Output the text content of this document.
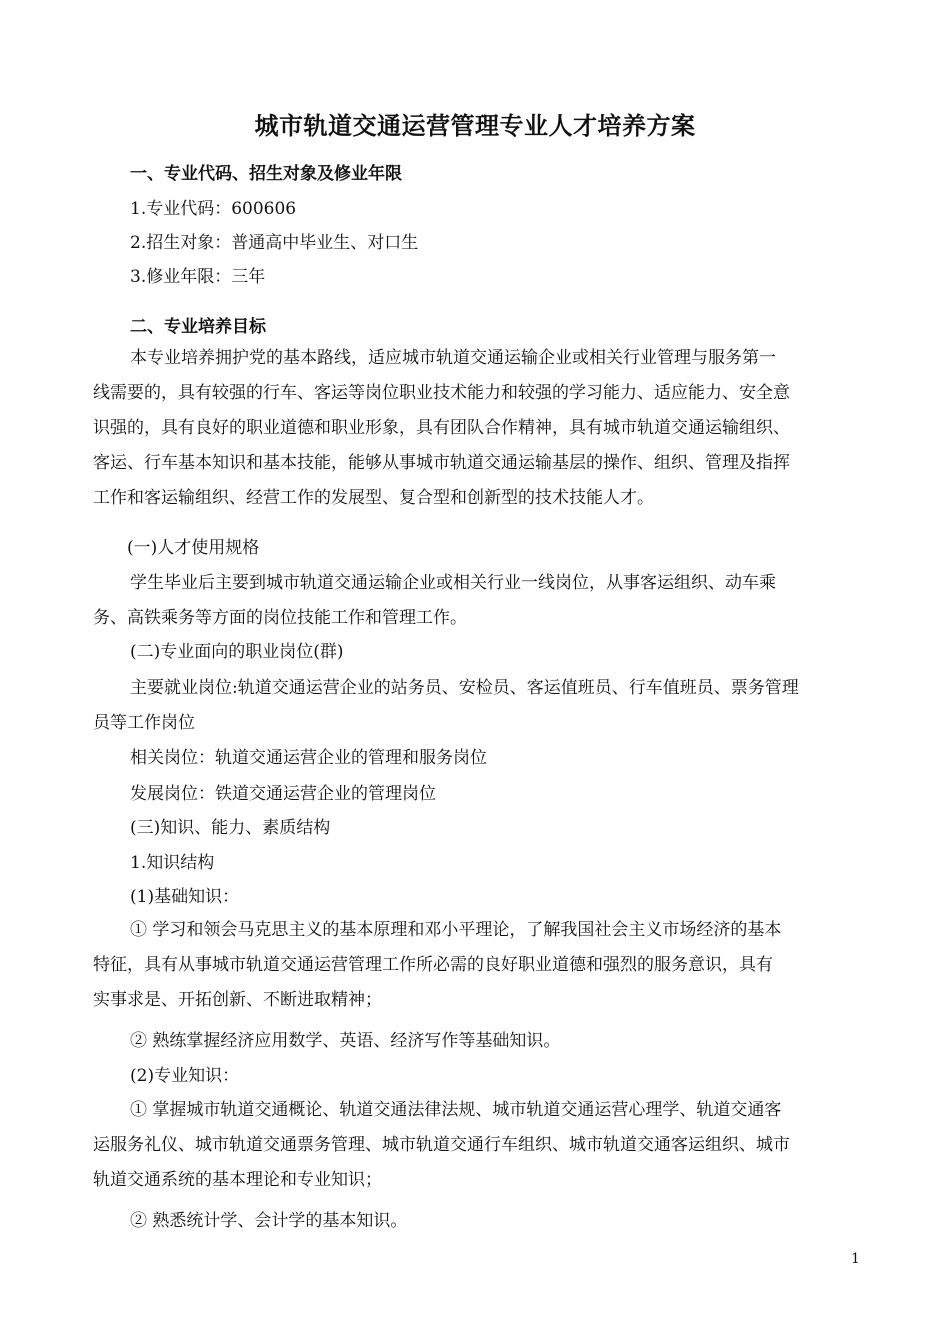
城市轨道交通运营管理专业人才培养方案
一、专业代码、招生对象及修业年限
1.专业代码：600606
2.招生对象：普通高中毕业生、对口生
3.修业年限：三年
二、专业培养目标
本专业培养拥护党的基本路线，适应城市轨道交通运输企业或相关行业管理与服务第一
线需要的，具有较强的行车、客运等岗位职业技术能力和较强的学习能力、适应能力、安全意
识强的，具有良好的职业道德和职业形象，具有团队合作精神，具有城市轨道交通运输组织、
客运、行车基本知识和基本技能，能够从事城市轨道交通运输基层的操作、组织、管理及指挥
工作和客运输组织、经营工作的发展型、复合型和创新型的技术技能人才。
(一)人才使用规格
学生毕业后主要到城市轨道交通运输企业或相关行业一线岗位，从事客运组织、动车乘
务、高铁乘务等方面的岗位技能工作和管理工作。
(二)专业面向的职业岗位(群)
主要就业岗位:轨道交通运营企业的站务员、安检员、客运值班员、行车值班员、票务管理
员等工作岗位
相关岗位：轨道交通运营企业的管理和服务岗位
发展岗位：铁道交通运营企业的管理岗位
(三)知识、能力、素质结构
1.知识结构
(1)基础知识：
① 学习和领会马克思主义的基本原理和邓小平理论，了解我国社会主义市场经济的基本
特征，具有从事城市轨道交通运营管理工作所必需的良好职业道德和强烈的服务意识，具有
实事求是、开拓创新、不断进取精神；
② 熟练掌握经济应用数学、英语、经济写作等基础知识。
(2)专业知识：
① 掌握城市轨道交通概论、轨道交通法律法规、城市轨道交通运营心理学、轨道交通客
运服务礼仪、城市轨道交通票务管理、城市轨道交通行车组织、城市轨道交通客运组织、城市
轨道交通系统的基本理论和专业知识；
② 熟悉统计学、会计学的基本知识。
1
